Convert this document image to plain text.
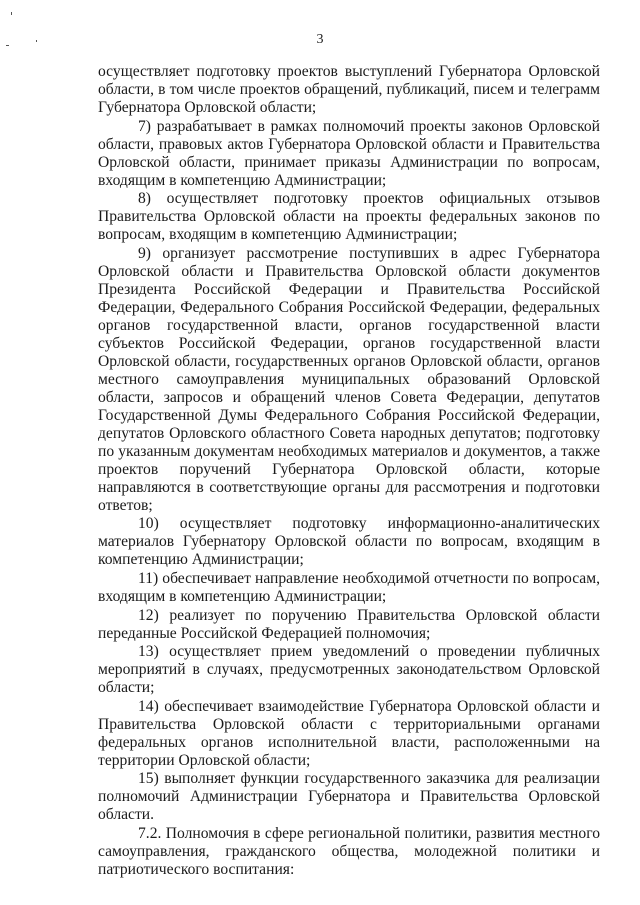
3

осуществляет подготовку проектов выступлений Губернатора Орловской области, в том числе проектов обращений, публикаций, писем и телеграмм Губернатора Орловской области;

7) разрабатывает в рамках полномочий проекты законов Орловской области, правовых актов Губернатора Орловской области и Правительства Орловской области, принимает приказы Администрации по вопросам, входящим в компетенцию Администрации;

8) осуществляет подготовку проектов официальных отзывов Правительства Орловской области на проекты федеральных законов по вопросам, входящим в компетенцию Администрации;

9) организует рассмотрение поступивших в адрес Губернатора Орловской области и Правительства Орловской области документов Президента Российской Федерации и Правительства Российской Федерации, Федерального Собрания Российской Федерации, федеральных органов государственной власти, органов государственной власти субъектов Российской Федерации, органов государственной власти Орловской области, государственных органов Орловской области, органов местного самоуправления муниципальных образований Орловской области, запросов и обращений членов Совета Федерации, депутатов Государственной Думы Федерального Собрания Российской Федерации, депутатов Орловского областного Совета народных депутатов; подготовку по указанным документам необходимых материалов и документов, а также проектов поручений Губернатора Орловской области, которые направляются в соответствующие органы для рассмотрения и подготовки ответов;

10) осуществляет подготовку информационно-аналитических материалов Губернатору Орловской области по вопросам, входящим в компетенцию Администрации;

11) обеспечивает направление необходимой отчетности по вопросам, входящим в компетенцию Администрации;

12) реализует по поручению Правительства Орловской области переданные Российской Федерацией полномочия;

13) осуществляет прием уведомлений о проведении публичных мероприятий в случаях, предусмотренных законодательством Орловской области;

14) обеспечивает взаимодействие Губернатора Орловской области и Правительства Орловской области с территориальными органами федеральных органов исполнительной власти, расположенными на территории Орловской области;

15) выполняет функции государственного заказчика для реализации полномочий Администрации Губернатора и Правительства Орловской области.

7.2. Полномочия в сфере региональной политики, развития местного самоуправления, гражданского общества, молодежной политики и патриотического воспитания:
